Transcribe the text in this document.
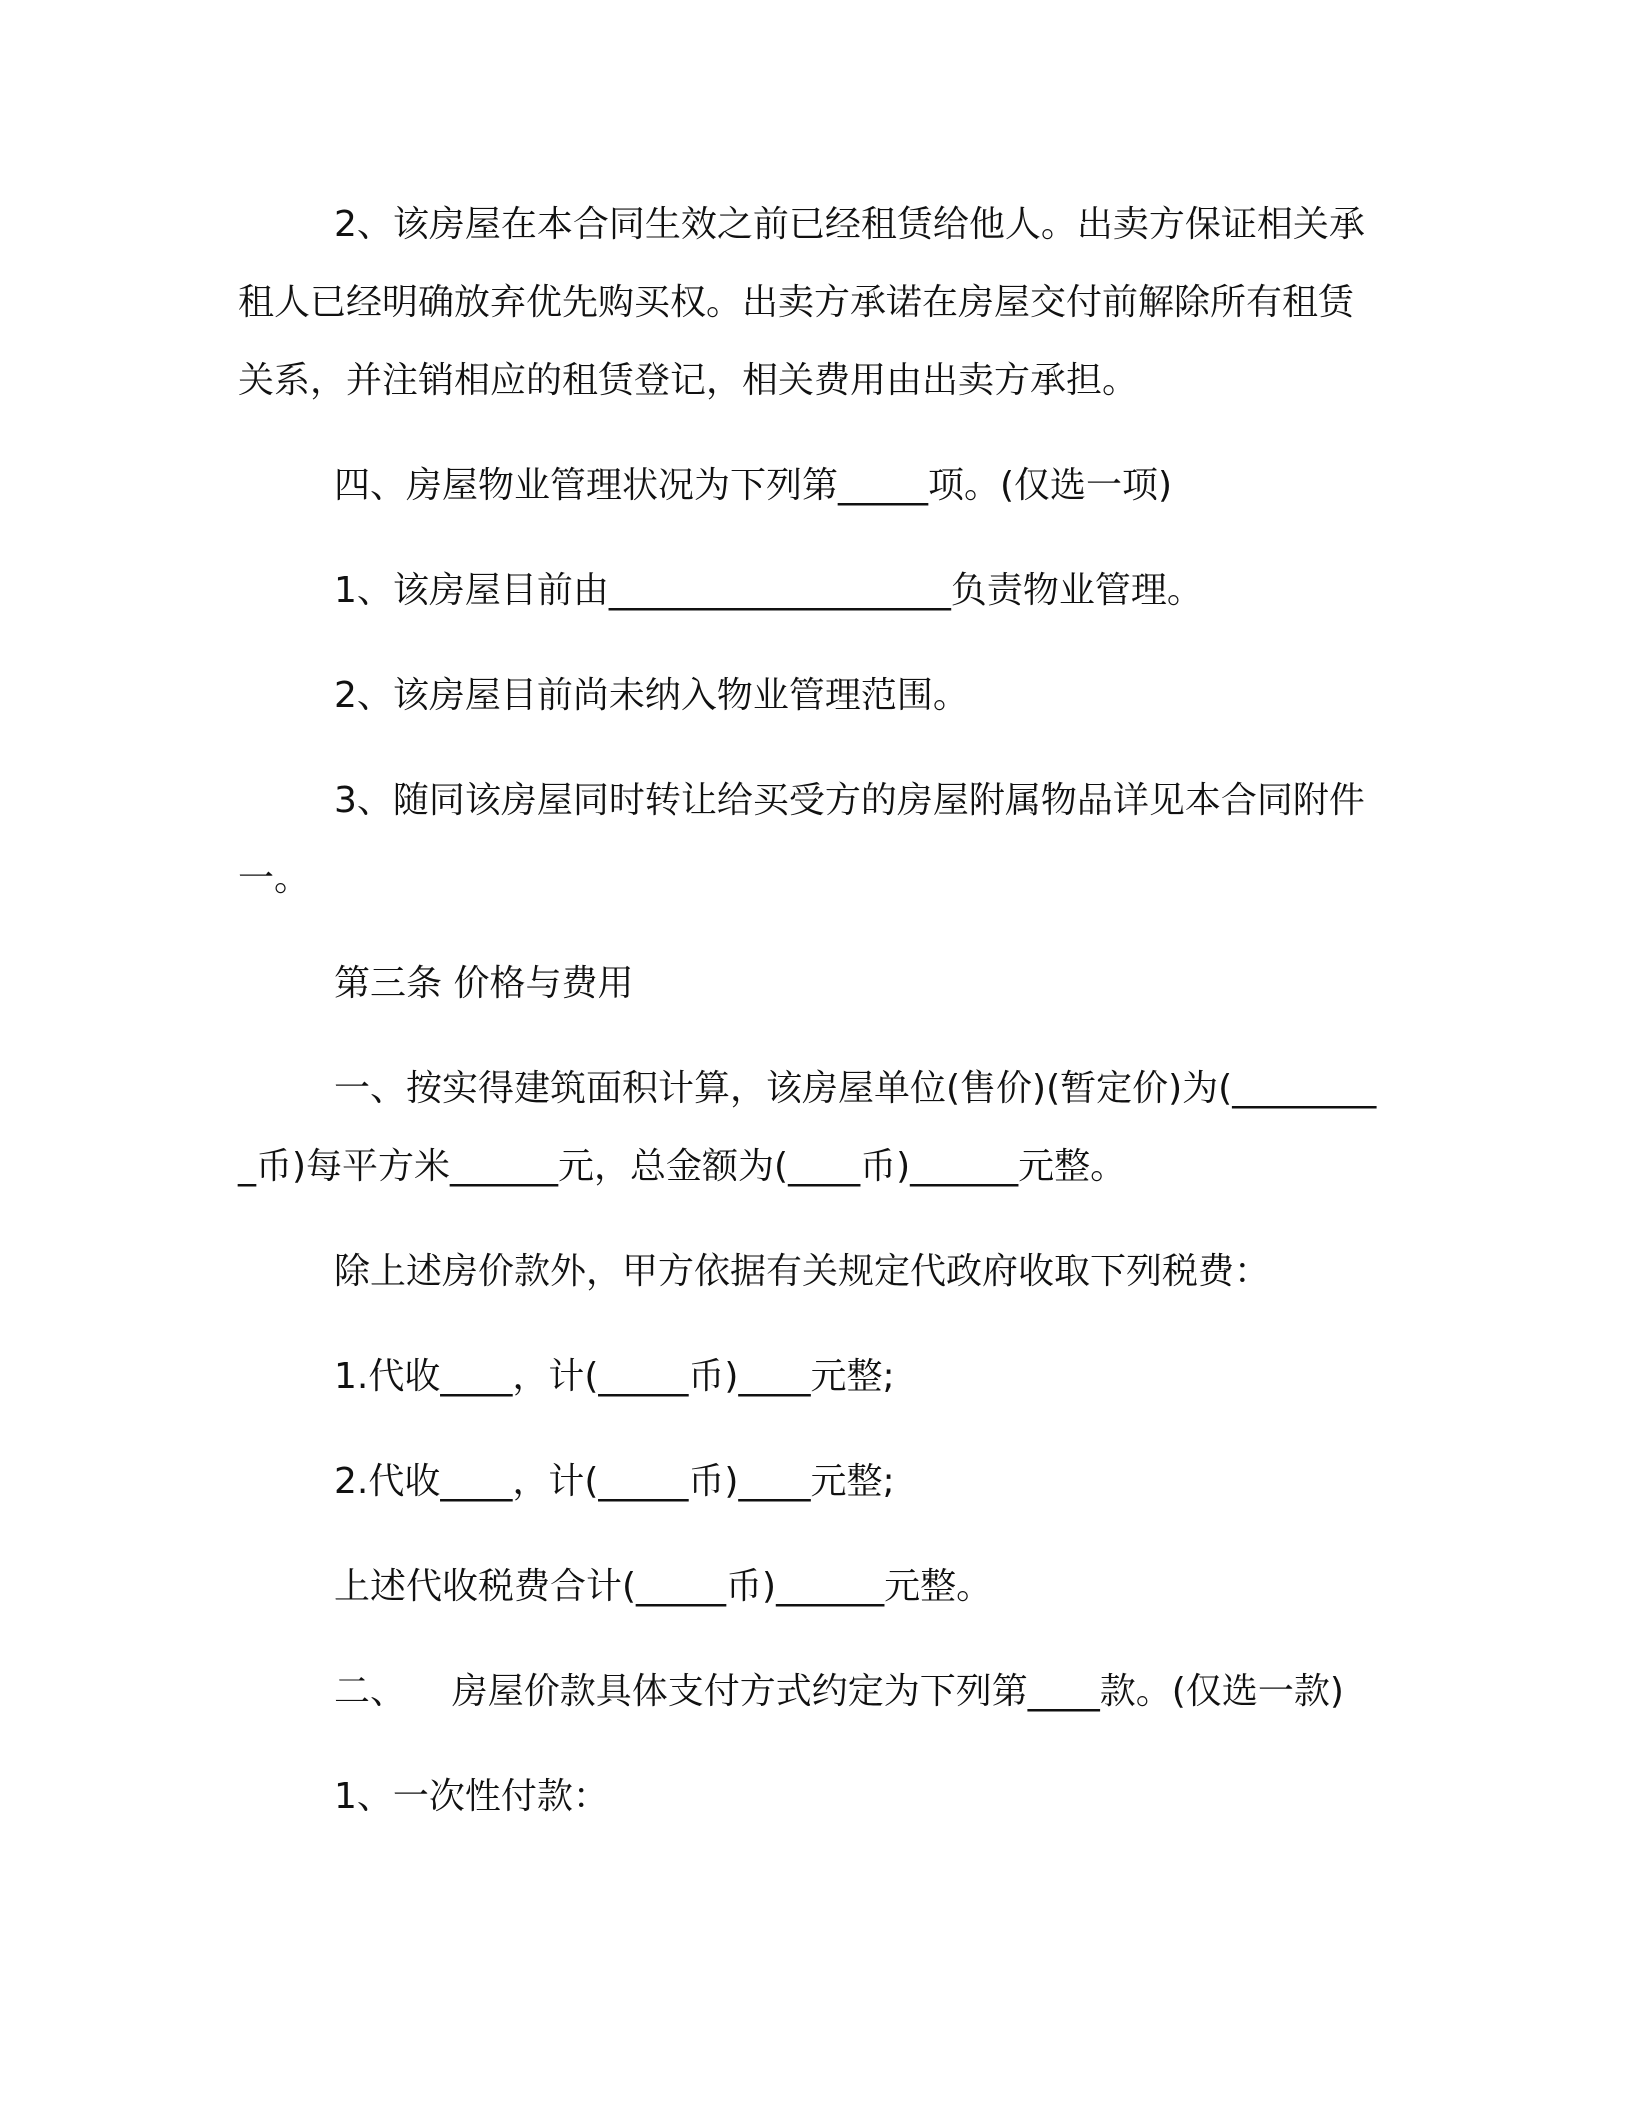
2、该房屋在本合同生效之前已经租赁给他人。出卖方保证相关承租人已经明确放弃优先购买权。出卖方承诺在房屋交付前解除所有租赁关系，并注销相应的租赁登记，相关费用由出卖方承担。

四、房屋物业管理状况为下列第_____项。(仅选一项)

1、该房屋目前由___________________负责物业管理。

2、该房屋目前尚未纳入物业管理范围。

3、随同该房屋同时转让给买受方的房屋附属物品详见本合同附件一。

第三条 价格与费用

一、按实得建筑面积计算，该房屋单位(售价)(暂定价)为(_________币)每平方米______元，总金额为(____币)______元整。

除上述房价款外，甲方依据有关规定代政府收取下列税费：

1.代收____，计(_____币)____元整;

2.代收____，计(_____币)____元整;

上述代收税费合计(_____币)______元整。

二、    房屋价款具体支付方式约定为下列第____款。(仅选一款)

1、一次性付款：
